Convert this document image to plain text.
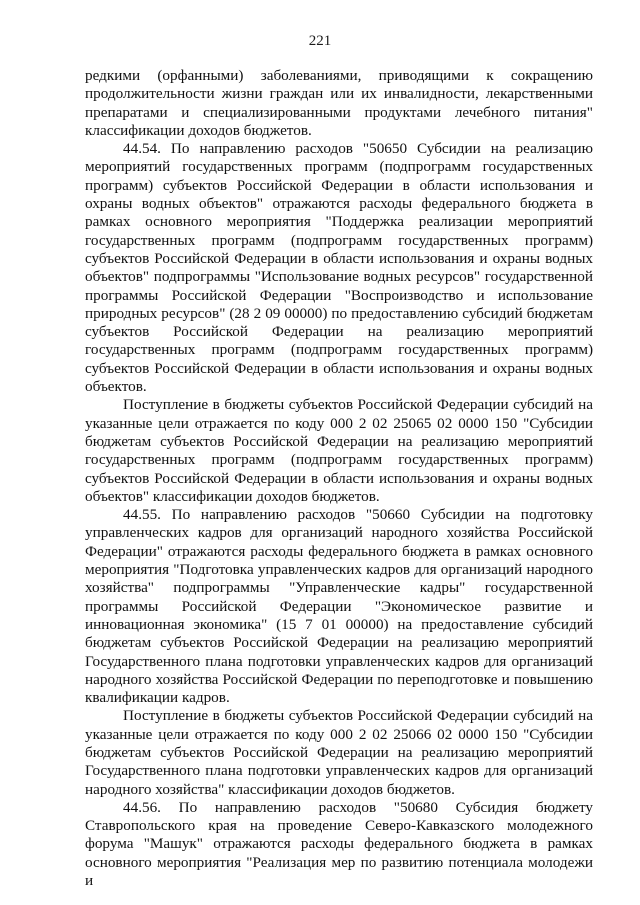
221

редкими (орфанными) заболеваниями, приводящими к сокращению продолжительности жизни граждан или их инвалидности, лекарственными препаратами и специализированными продуктами лечебного питания" классификации доходов бюджетов.

44.54. По направлению расходов "50650 Субсидии на реализацию мероприятий государственных программ (подпрограмм государственных программ) субъектов Российской Федерации в области использования и охраны водных объектов" отражаются расходы федерального бюджета в рамках основного мероприятия "Поддержка реализации мероприятий государственных программ (подпрограмм государственных программ) субъектов Российской Федерации в области использования и охраны водных объектов" подпрограммы "Использование водных ресурсов" государственной программы Российской Федерации "Воспроизводство и использование природных ресурсов" (28 2 09 00000) по предоставлению субсидий бюджетам субъектов Российской Федерации на реализацию мероприятий государственных программ (подпрограмм государственных программ) субъектов Российской Федерации в области использования и охраны водных объектов.

Поступление в бюджеты субъектов Российской Федерации субсидий на указанные цели отражается по коду 000 2 02 25065 02 0000 150 "Субсидии бюджетам субъектов Российской Федерации на реализацию мероприятий государственных программ (подпрограмм государственных программ) субъектов Российской Федерации в области использования и охраны водных объектов" классификации доходов бюджетов.

44.55. По направлению расходов "50660 Субсидии на подготовку управленческих кадров для организаций народного хозяйства Российской Федерации" отражаются расходы федерального бюджета в рамках основного мероприятия "Подготовка управленческих кадров для организаций народного хозяйства" подпрограммы "Управленческие кадры" государственной программы Российской Федерации "Экономическое развитие и инновационная экономика" (15 7 01 00000) на предоставление субсидий бюджетам субъектов Российской Федерации на реализацию мероприятий Государственного плана подготовки управленческих кадров для организаций народного хозяйства Российской Федерации по переподготовке и повышению квалификации кадров.

Поступление в бюджеты субъектов Российской Федерации субсидий на указанные цели отражается по коду 000 2 02 25066 02 0000 150 "Субсидии бюджетам субъектов Российской Федерации на реализацию мероприятий Государственного плана подготовки управленческих кадров для организаций народного хозяйства" классификации доходов бюджетов.

44.56. По направлению расходов "50680 Субсидия бюджету Ставропольского края на проведение Северо-Кавказского молодежного форума "Машук" отражаются расходы федерального бюджета в рамках основного мероприятия "Реализация мер по развитию потенциала молодежи и
